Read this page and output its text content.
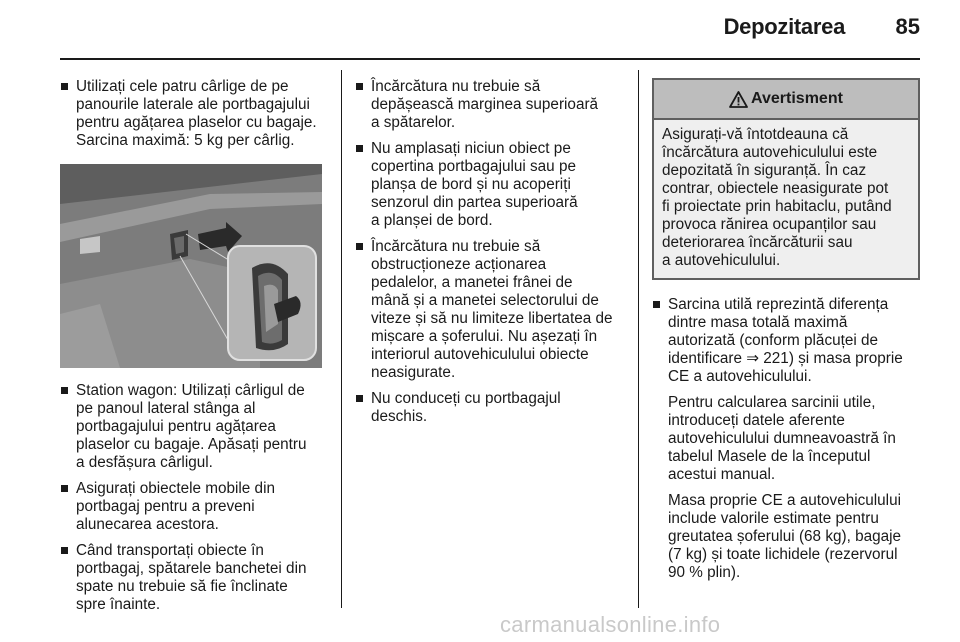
Depozitarea	85
Utilizați cele patru cârlige de pe
panourile laterale ale portbagajului
pentru agățarea plaselor cu bagaje.
Sarcina maximă: 5 kg per cârlig.
Station wagon: Utilizați cârligul de
pe panoul lateral stânga al
portbagajului pentru agățarea
plaselor cu bagaje. Apăsați pentru
a desfășura cârligul.
Asigurați obiectele mobile din
portbagaj pentru a preveni
alunecarea acestora.
Când transportați obiecte în
portbagaj, spătarele banchetei din
spate nu trebuie să fie înclinate
spre înainte.
Încărcătura nu trebuie să
depășească marginea superioară
a spătarelor.
Nu amplasați niciun obiect pe
copertina portbagajului sau pe
planșa de bord și nu acoperiți
senzorul din partea superioară
a planșei de bord.
Încărcătura nu trebuie să
obstrucționeze acționarea
pedalelor, a manetei frânei de
mână și a manetei selectorului de
viteze și să nu limiteze libertatea de
mișcare a șoferului. Nu așezați în
interiorul autovehiculului obiecte
neasigurate.
Nu conduceți cu portbagajul
deschis.
Avertisment
Asigurați-vă întotdeauna că
încărcătura autovehiculului este
depozitată în siguranță. În caz
contrar, obiectele neasigurate pot
fi proiectate prin habitaclu, putând
provoca rănirea ocupanților sau
deteriorarea încărcăturii sau
a autovehiculului.
Sarcina utilă reprezintă diferența
dintre masa totală maximă
autorizată (conform plăcuței de
identificare ⇒ 221) și masa proprie
CE a autovehiculului.
Pentru calcularea sarcinii utile,
introduceți datele aferente
autovehiculului dumneavoastră în
tabelul Masele de la începutul
acestui manual.
Masa proprie CE a autovehiculului
include valorile estimate pentru
greutatea șoferului (68 kg), bagaje
(7 kg) și toate lichidele (rezervorul
90 % plin).
carmanualsonline.info
